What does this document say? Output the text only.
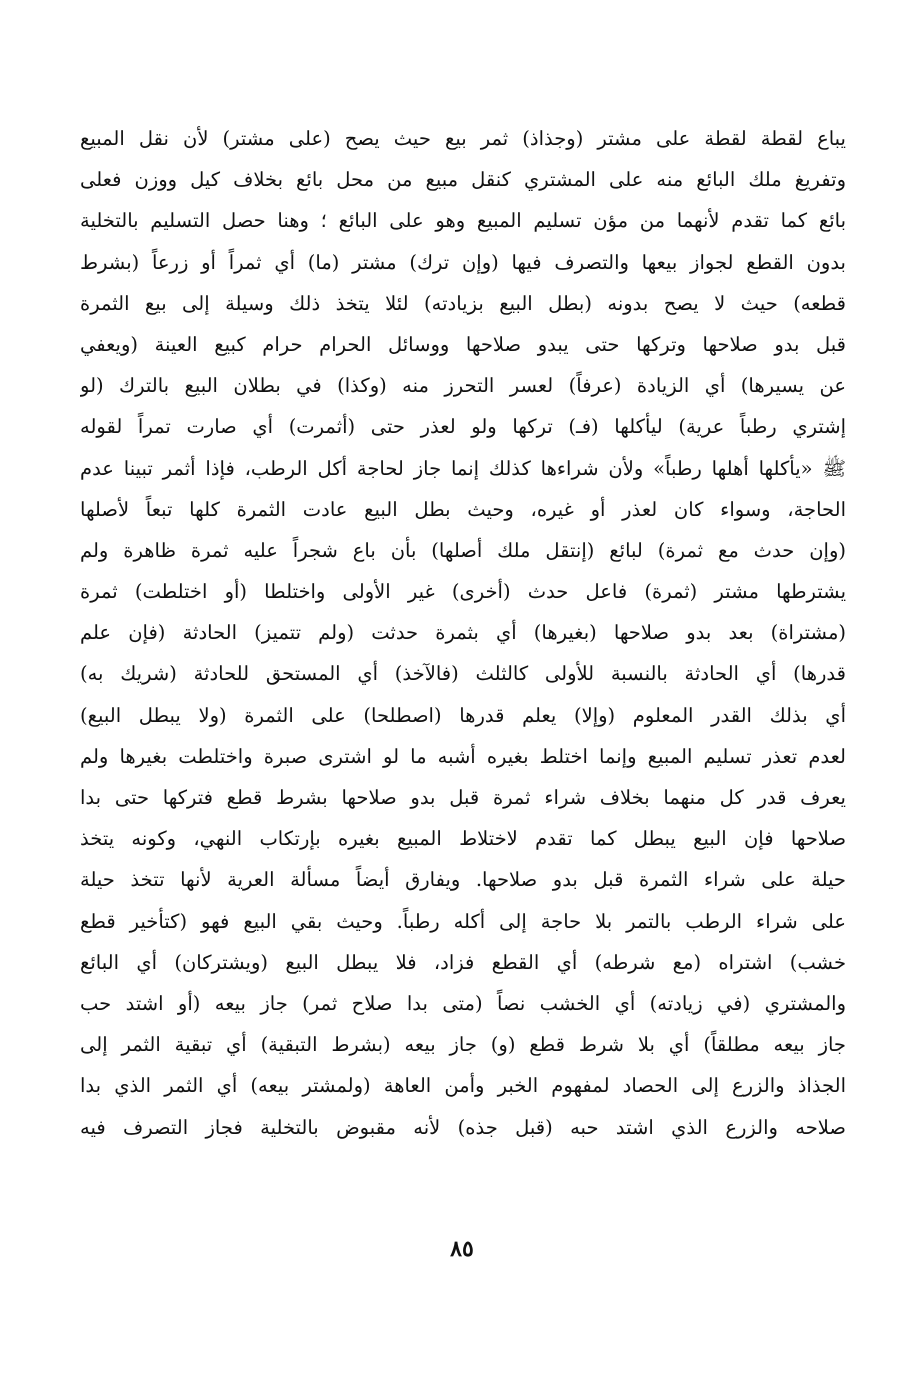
يباع لقطة لقطة على مشتر (وجذاذ) ثمر بيع حيث يصح (على مشتر) لأن نقل المبيع
وتفريغ ملك البائع منه على المشتري كنقل مبيع من محل بائع بخلاف كيل ووزن فعلى
بائع كما تقدم لأنهما من مؤن تسليم المبيع وهو على البائع ؛ وهنا حصل التسليم بالتخلية
بدون القطع لجواز بيعها والتصرف فيها (وإن ترك) مشتر (ما) أي ثمراً أو زرعاً (بشرط
قطعه) حيث لا يصح بدونه (بطل البيع بزيادته) لئلا يتخذ ذلك وسيلة إلى بيع الثمرة
قبل بدو صلاحها وتركها حتى يبدو صلاحها ووسائل الحرام حرام كبيع العينة (ويعفي
عن يسيرها) أي الزيادة (عرفاً) لعسر التحرز منه (وكذا) في بطلان البيع بالترك (لو
إشتري رطباً عرية) ليأكلها (فـ) تركها ولو لعذر حتى (أثمرت) أي صارت تمراً لقوله
ﷺ «يأكلها أهلها رطباً» ولأن شراءها كذلك إنما جاز لحاجة أكل الرطب، فإذا أثمر تبينا عدم
الحاجة، وسواء كان لعذر أو غيره، وحيث بطل البيع عادت الثمرة كلها تبعاً لأصلها
(وإن حدث مع ثمرة) لبائع (إنتقل ملك أصلها) بأن باع شجراً عليه ثمرة ظاهرة ولم
يشترطها مشتر (ثمرة) فاعل حدث (أخرى) غير الأولى واختلطا (أو اختلطت) ثمرة
(مشتراة) بعد بدو صلاحها (بغيرها) أي بثمرة حدثت (ولم تتميز) الحادثة (فإن علم
قدرها) أي الحادثة بالنسبة للأولى كالثلث (فالآخذ) أي المستحق للحادثة (شريك به)
أي بذلك القدر المعلوم (وإلا) يعلم قدرها (اصطلحا) على الثمرة (ولا يبطل البيع)
لعدم تعذر تسليم المبيع وإنما اختلط بغيره أشبه ما لو اشترى صبرة واختلطت بغيرها ولم
يعرف قدر كل منهما بخلاف شراء ثمرة قبل بدو صلاحها بشرط قطع فتركها حتى بدا
صلاحها فإن البيع يبطل كما تقدم لاختلاط المبيع بغيره بإرتكاب النهي، وكونه يتخذ
حيلة على شراء الثمرة قبل بدو صلاحها. ويفارق أيضاً مسألة العرية لأنها تتخذ حيلة
على شراء الرطب بالتمر بلا حاجة إلى أكله رطباً. وحيث بقي البيع فهو (كتأخير قطع
خشب) اشتراه (مع شرطه) أي القطع فزاد، فلا يبطل البيع (ويشتركان) أي البائع
والمشتري (في زيادته) أي الخشب نصاً (متى بدا صلاح ثمر) جاز بيعه (أو اشتد حب
جاز بيعه مطلقاً) أي بلا شرط قطع (و) جاز بيعه (بشرط التبقية) أي تبقية الثمر إلى
الجذاذ والزرع إلى الحصاد لمفهوم الخبر وأمن العاهة (ولمشتر بيعه) أي الثمر الذي بدا
صلاحه والزرع الذي اشتد حبه (قبل جذه) لأنه مقبوض بالتخلية فجاز التصرف فيه
٨٥
